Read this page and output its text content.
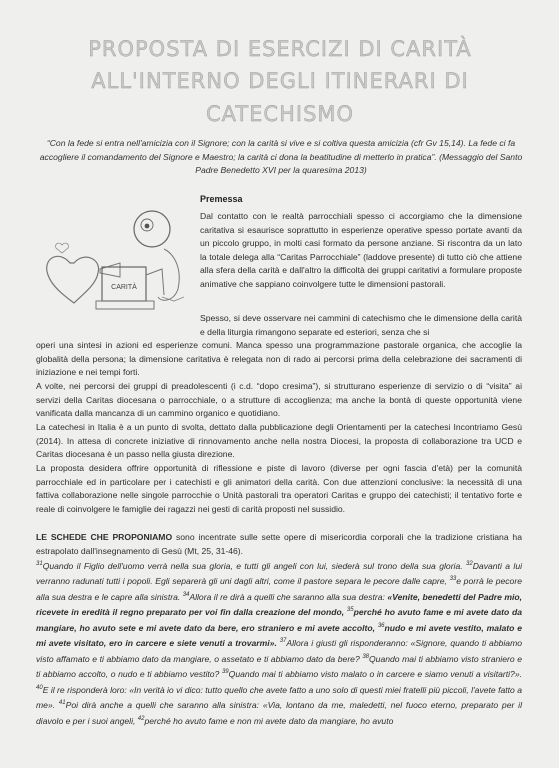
PROPOSTA DI ESERCIZI DI CARITÀ
ALL'INTERNO DEGLI ITINERARI DI
CATECHISMO
“Con la fede si entra nell'amicizia con il Signore; con la carità si vive e si coltiva questa amicizia (cfr Gv 15,14). La fede ci fa accogliere il comandamento del Signore e Maestro; la carità ci dona la beatitudine di metterlo in pratica”. (Messaggio del Santo Padre Benedetto XVI per la quaresima 2013)
Premessa
CARITÀ
Dal contatto con le realtà parrocchiali spesso ci accorgiamo che la dimensione caritativa si esaurisce soprattutto in esperienze operative spesso portate avanti da un piccolo gruppo, in molti casi formato da persone anziane. Si riscontra da un lato la totale delega alla “Caritas Parrocchiale” (laddove presente) di tutto ciò che attiene alla sfera della carità e dall'altro la difficoltà dei gruppi caritativi a formulare proposte animative che sappiano coinvolgere tutte le dimensioni pastorali.
Spesso, si deve osservare nei cammini di catechismo che le dimensione della carità e della liturgia rimangono separate ed esteriori, senza che si
operi una sintesi in azioni ed esperienze comuni. Manca spesso una programmazione pastorale organica, che accoglie la globalità della persona; la dimensione caritativa è relegata non di rado ai percorsi prima della celebrazione dei sacramenti di iniziazione e nei tempi forti.
A volte, nei percorsi dei gruppi di preadolescenti (i c.d. “dopo cresima”), si strutturano esperienze di servizio o di “visita” ai servizi della Caritas diocesana o parrocchiale, o a strutture di accoglienza; ma anche la bontà di queste opportunità viene vanificata dalla mancanza di un cammino organico e quotidiano.
La catechesi in Italia è a un punto di svolta, dettato dalla pubblicazione degli Orientamenti per la catechesi Incontriamo Gesù (2014). In attesa di concrete iniziative di rinnovamento anche nella nostra Diocesi, la proposta di collaborazione tra UCD e Caritas diocesana è un passo nella giusta direzione.
La proposta desidera offrire opportunità di riflessione e piste di lavoro (diverse per ogni fascia d'età) per la comunità parrocchiale ed in particolare per i catechisti e gli animatori della carità. Con due attenzioni conclusive: la necessità di una fattiva collaborazione nelle singole parrocchie o Unità pastorali tra operatori Caritas e gruppo dei catechisti; il tentativo forte e reale di coinvolgere le famiglie dei ragazzi nei gesti di carità proposti nel sussidio.
LE SCHEDE CHE PROPONIAMO sono incentrate sulle sette opere di misericordia corporali che la tradizione cristiana ha estrapolato dall'insegnamento di Gesù (Mt, 25, 31-46).
$^{31}$Quando il Figlio dell'uomo verrà nella sua gloria, e tutti gli angeli con lui, siederà sul trono della sua gloria. $^{32}$Davanti a lui verranno radunati tutti i popoli. Egli separerà gli uni dagli altri, come il pastore separa le pecore dalle capre, $^{33}$e porrà le pecore alla sua destra e le capre alla sinistra. $^{34}$Allora il re dirà a quelli che saranno alla sua destra: «Venite, benedetti del Padre mio, ricevete in eredità il regno preparato per voi fin dalla creazione del mondo, $^{35}$perché ho avuto fame e mi avete dato da mangiare, ho avuto sete e mi avete dato da bere, ero straniero e mi avete accolto, $^{36}$nudo e mi avete vestito, malato e mi avete visitato, ero in carcere e siete venuti a trovarmi». $^{37}$Allora i giusti gli risponderanno: «Signore, quando ti abbiamo visto affamato e ti abbiamo dato da mangiare, o assetato e ti abbiamo dato da bere? $^{38}$Quando mai ti abbiamo visto straniero e ti abbiamo accolto, o nudo e ti abbiamo vestito? $^{39}$Quando mai ti abbiamo visto malato o in carcere e siamo venuti a visitarti?». $^{40}$E il re risponderà loro: «In verità io vi dico: tutto quello che avete fatto a uno solo di questi miei fratelli più piccoli, l'avete fatto a me». $^{41}$Poi dirà anche a quelli che saranno alla sinistra: «Via, lontano da me, maledetti, nel fuoco eterno, preparato per il diavolo e per i suoi angeli, $^{42}$perché ho avuto fame e non mi avete dato da mangiare, ho avuto
